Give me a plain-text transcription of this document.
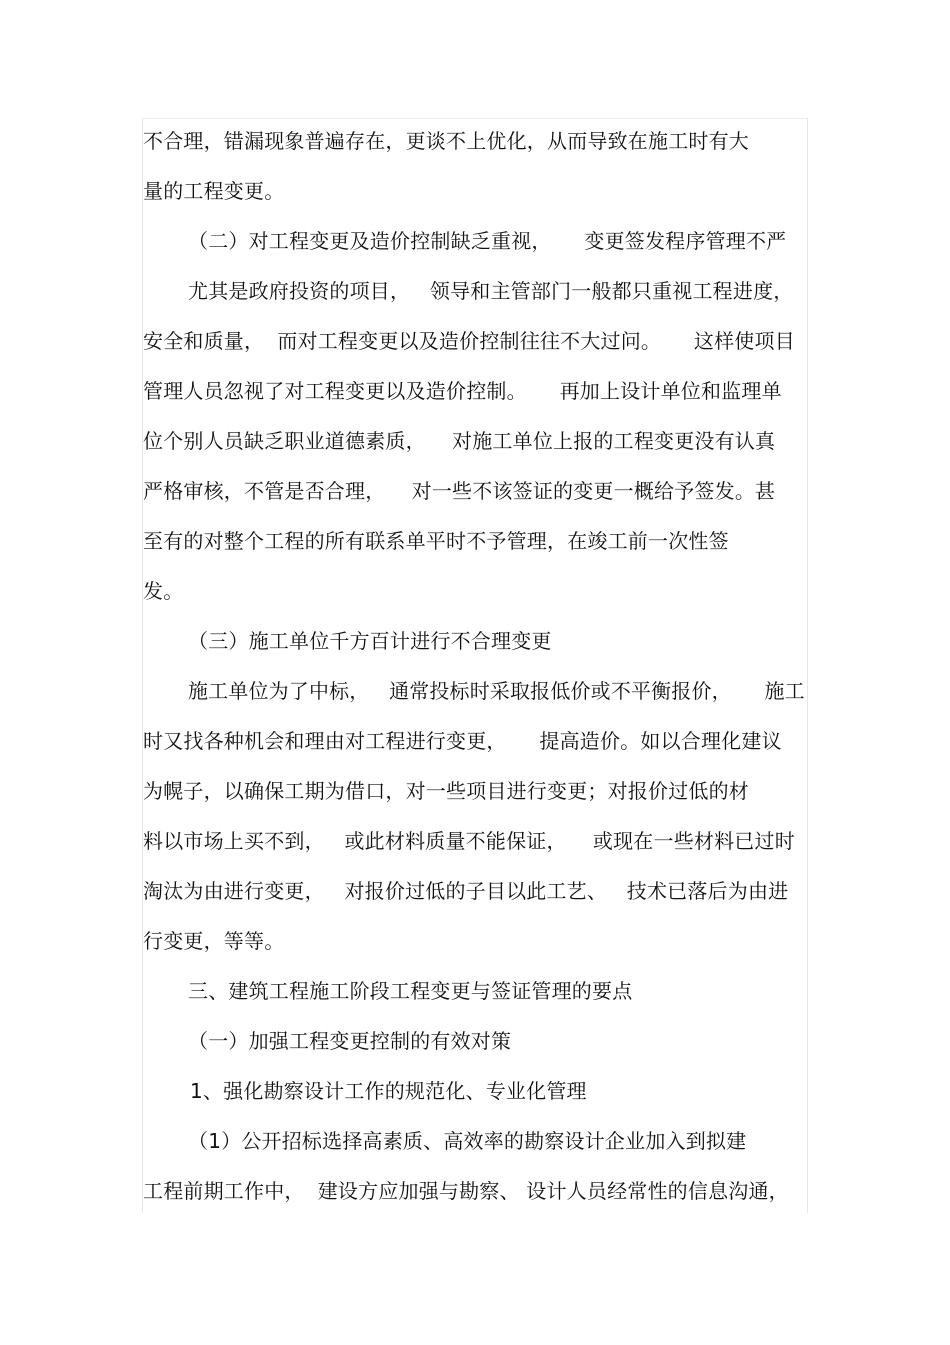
不合理，错漏现象普遍存在，更谈不上优化，从而导致在施工时有大
量的工程变更。
（二）对工程变更及造价控制缺乏重视，     变更签发程序管理不严
尤其是政府投资的项目，   领导和主管部门一般都只重视工程进度，
安全和质量，  而对工程变更以及造价控制往往不大过问。     这样使项目
管理人员忽视了对工程变更以及造价控制。     再加上设计单位和监理单
位个别人员缺乏职业道德素质，    对施工单位上报的工程变更没有认真
严格审核，不管是否合理，    对一些不该签证的变更一概给予签发。甚
至有的对整个工程的所有联系单平时不予管理，在竣工前一次性签
发。
（三）施工单位千方百计进行不合理变更
施工单位为了中标，   通常投标时采取报低价或不平衡报价，     施工
时又找各种机会和理由对工程进行变更，     提高造价。如以合理化建议
为幌子，以确保工期为借口，对一些项目进行变更；对报价过低的材
料以市场上买不到，   或此材料质量不能保证，    或现在一些材料已过时
淘汰为由进行变更，   对报价过低的子目以此工艺、   技术已落后为由进
行变更，等等。
三、建筑工程施工阶段工程变更与签证管理的要点
（一）加强工程变更控制的有效对策
1、强化勘察设计工作的规范化、专业化管理
（1）公开招标选择高素质、高效率的勘察设计企业加入到拟建
工程前期工作中，  建设方应加强与勘察、 设计人员经常性的信息沟通，
